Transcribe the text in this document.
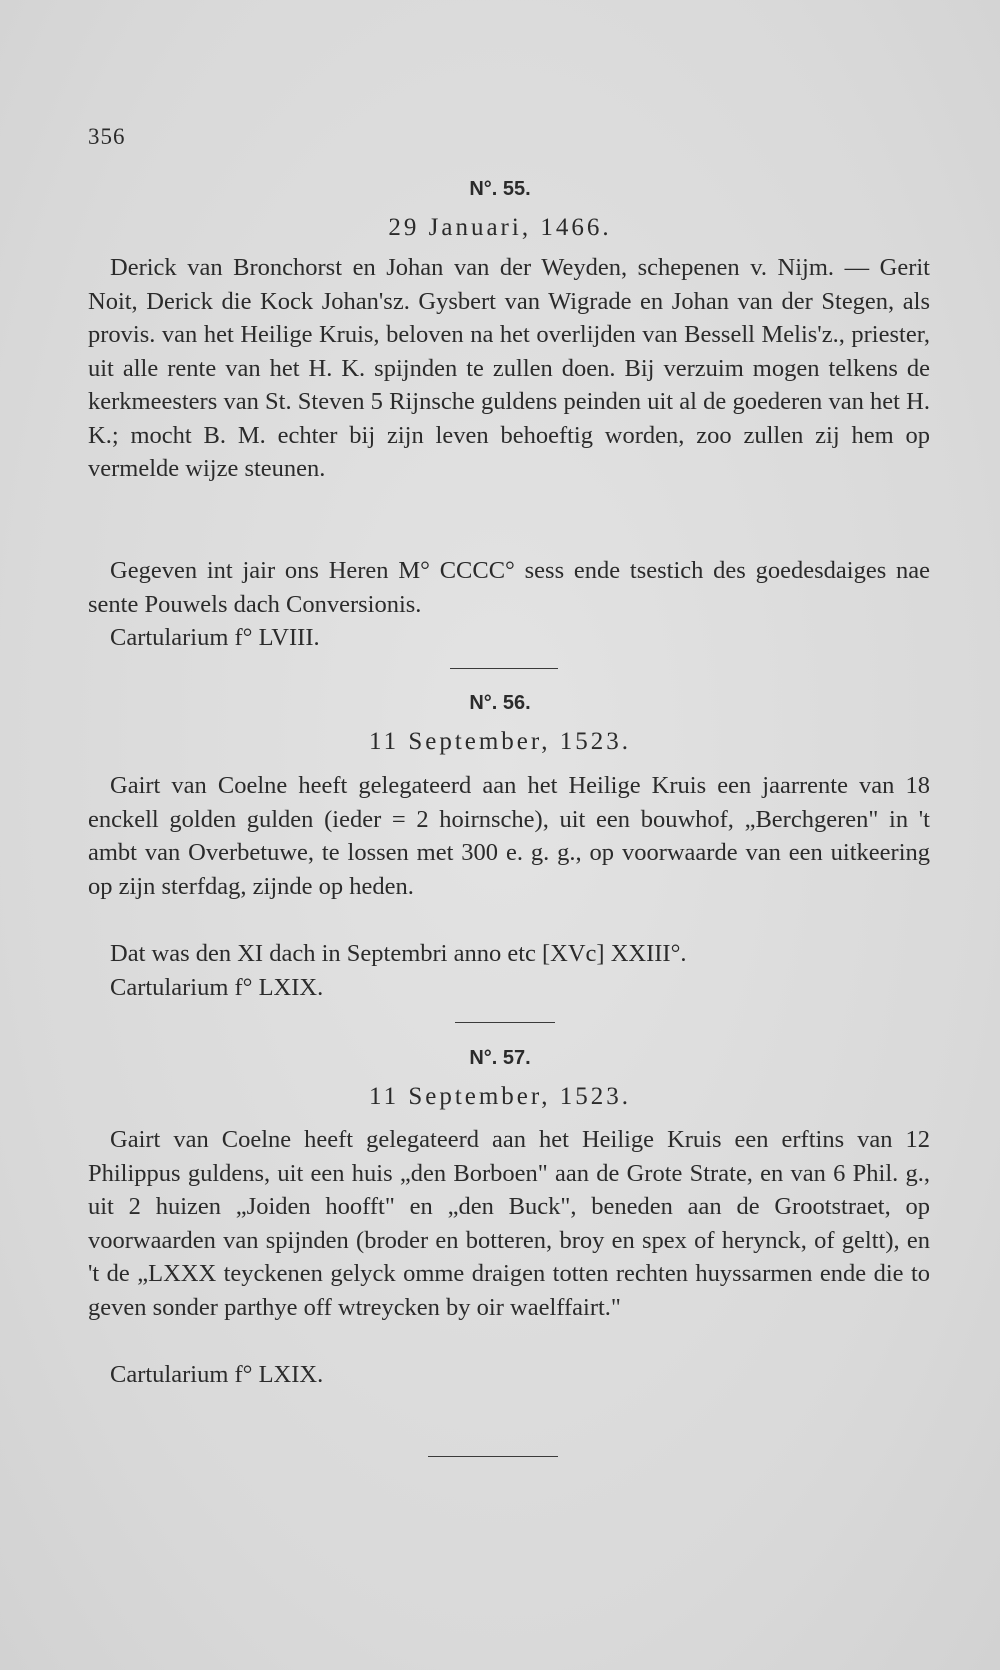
356
N°. 55.
29 Januari, 1466.
Derick van Bronchorst en Johan van der Weyden, schepenen v. Nijm. — Gerit Noit, Derick die Kock Johan'sz. Gysbert van Wigrade en Johan van der Stegen, als provis. van het Heilige Kruis, beloven na het overlijden van Bessell Melis'z., priester, uit alle rente van het H. K. spijnden te zullen doen. Bij verzuim mogen telkens de kerkmeesters van St. Steven 5 Rijnsche guldens peinden uit al de goederen van het H. K.; mocht B. M. echter bij zijn leven behoeftig worden, zoo zullen zij hem op vermelde wijze steunen.
Gegeven int jair ons Heren M° CCCC° sess ende tsestich des goedesdaiges nae sente Pouwels dach Conversionis.
Cartularium f° LVIII.
N°. 56.
11 September, 1523.
Gairt van Coelne heeft gelegateerd aan het Heilige Kruis een jaarrente van 18 enckell golden gulden (ieder = 2 hoirnsche), uit een bouwhof, „Berchgeren" in 't ambt van Overbetuwe, te lossen met 300 e. g. g., op voorwaarde van een uitkeering op zijn sterfdag, zijnde op heden.
Dat was den XI dach in Septembri anno etc [XVc] XXIII°.
Cartularium f° LXIX.
N°. 57.
11 September, 1523.
Gairt van Coelne heeft gelegateerd aan het Heilige Kruis een erftins van 12 Philippus guldens, uit een huis „den Borboen" aan de Grote Strate, en van 6 Phil. g., uit 2 huizen „Joiden hoofft" en „den Buck", beneden aan de Grootstraet, op voorwaarden van spijnden (broder en botteren, broy en spex of herynck, of geltt), en 't de „LXXX teyckenen gelyck omme draigen totten rechten huyssarmen ende die to geven sonder parthye off wtreycken by oir waelffairt."
Cartularium f° LXIX.
